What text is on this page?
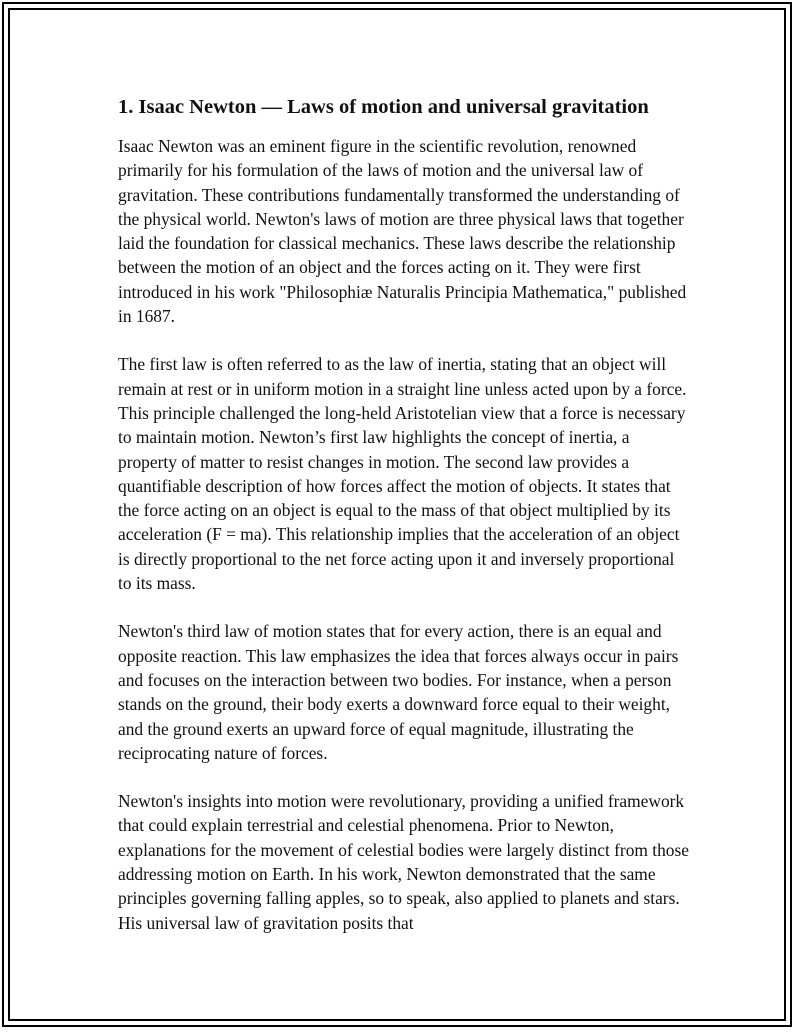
1. Isaac Newton — Laws of motion and universal gravitation

Isaac Newton was an eminent figure in the scientific revolution, renowned primarily for his formulation of the laws of motion and the universal law of gravitation. These contributions fundamentally transformed the understanding of the physical world. Newton's laws of motion are three physical laws that together laid the foundation for classical mechanics. These laws describe the relationship between the motion of an object and the forces acting on it. They were first introduced in his work "Philosophiæ Naturalis Principia Mathematica," published in 1687.

The first law is often referred to as the law of inertia, stating that an object will remain at rest or in uniform motion in a straight line unless acted upon by a force. This principle challenged the long-held Aristotelian view that a force is necessary to maintain motion. Newton’s first law highlights the concept of inertia, a property of matter to resist changes in motion. The second law provides a quantifiable description of how forces affect the motion of objects. It states that the force acting on an object is equal to the mass of that object multiplied by its acceleration (F = ma). This relationship implies that the acceleration of an object is directly proportional to the net force acting upon it and inversely proportional to its mass.

Newton's third law of motion states that for every action, there is an equal and opposite reaction. This law emphasizes the idea that forces always occur in pairs and focuses on the interaction between two bodies. For instance, when a person stands on the ground, their body exerts a downward force equal to their weight, and the ground exerts an upward force of equal magnitude, illustrating the reciprocating nature of forces.

Newton's insights into motion were revolutionary, providing a unified framework that could explain terrestrial and celestial phenomena. Prior to Newton, explanations for the movement of celestial bodies were largely distinct from those addressing motion on Earth. In his work, Newton demonstrated that the same principles governing falling apples, so to speak, also applied to planets and stars. His universal law of gravitation posits that
